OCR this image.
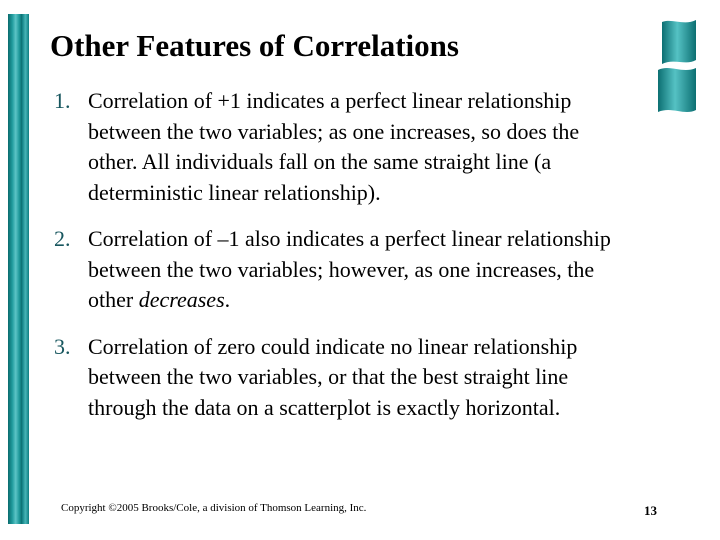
Other Features of Correlations
1. Correlation of +1 indicates a perfect linear relationship between the two variables; as one increases, so does the other. All individuals fall on the same straight line (a deterministic linear relationship).
2. Correlation of –1 also indicates a perfect linear relationship between the two variables; however, as one increases, the other decreases.
3. Correlation of zero could indicate no linear relationship between the two variables, or that the best straight line through the data on a scatterplot is exactly horizontal.
Copyright ©2005 Brooks/Cole, a division of Thomson Learning, Inc.	13
